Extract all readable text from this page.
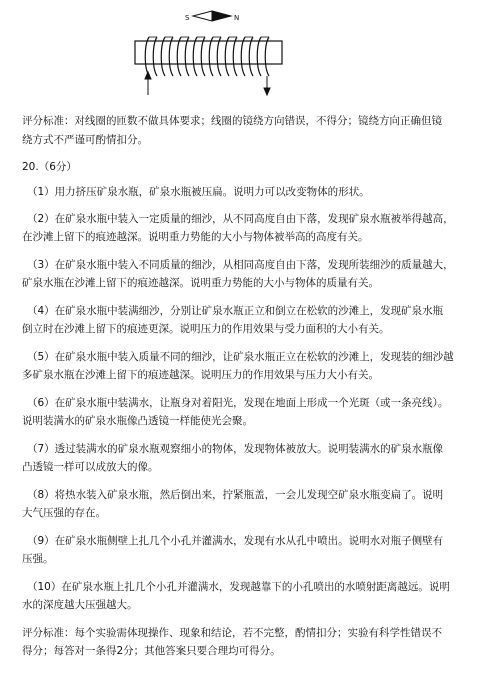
S	N
评分标准：对线圈的匝数不做具体要求；线圈的镜绕方向错误，不得分；镜绕方向正确但镜
绕方式不严谨可酌情扣分。
20.（6分）
（1）用力挤压矿泉水瓶，矿泉水瓶被压扁。说明力可以改变物体的形状。
（2）在矿泉水瓶中装入一定质量的细沙，从不同高度自由下落，发现矿泉水瓶被举得越高，
在沙滩上留下的痕迹越深。说明重力势能的大小与物体被举高的高度有关。
（3）在矿泉水瓶中装入不同质量的细沙，从相同高度自由下落，发现所装细沙的质量越大，
矿泉水瓶在沙滩上留下的痕迹越深。说明重力势能的大小与物体的质量有关。
（4）在矿泉水瓶中装满细沙，分别让矿泉水瓶正立和倒立在松软的沙滩上，发现矿泉水瓶
倒立时在沙滩上留下的痕迹更深。说明压力的作用效果与受力面积的大小有关。
（5）在矿泉水瓶中装入质量不同的细沙，让矿泉水瓶正立在松软的沙滩上，发现装的细沙越
多矿泉水瓶在沙滩上留下的痕迹越深。说明压力的作用效果与压力大小有关。
（6）在矿泉水瓶中装满水，让瓶身对着阳光，发现在地面上形成一个光斑（或一条亮线）。
说明装满水的矿泉水瓶像凸透镜一样能使光会聚。
（7）透过装满水的矿泉水瓶观察细小的物体，发现物体被放大。说明装满水的矿泉水瓶像
凸透镜一样可以成放大的像。
（8）将热水装入矿泉水瓶，然后倒出来，拧紧瓶盖，一会儿发现空矿泉水瓶变扁了。说明
大气压强的存在。
（9）在矿泉水瓶侧壁上扎几个小孔并灌满水，发现有水从孔中喷出。说明水对瓶子侧壁有
压强。
（10）在矿泉水瓶上扎几个小孔并灌满水，发现越靠下的小孔喷出的水喷射距离越远。说明
水的深度越大压强越大。
评分标准：每个实验需体现操作、现象和结论，若不完整，酌情扣分；实验有科学性错误不
得分；每答对一条得2分；其他答案只要合理均可得分。
